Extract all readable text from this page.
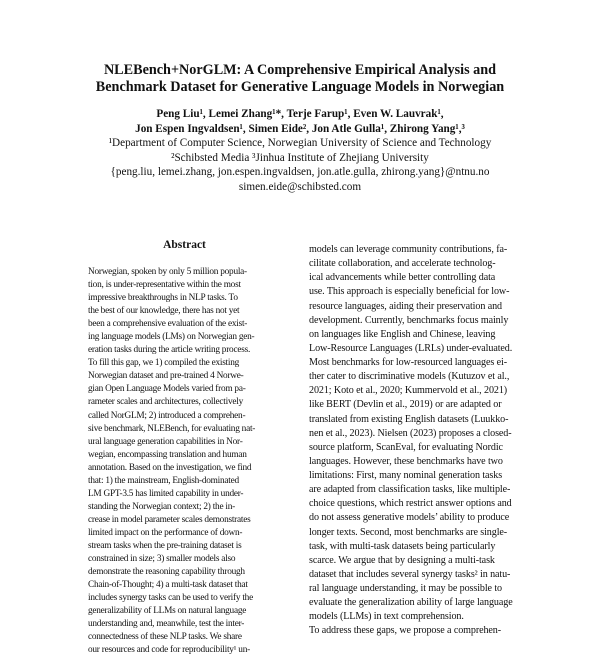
NLEBench+NorGLM: A Comprehensive Empirical Analysis and
Benchmark Dataset for Generative Language Models in Norwegian
Peng Liu¹, Lemei Zhang¹*, Terje Farup¹, Even W. Lauvrak¹,
Jon Espen Ingvaldsen¹, Simen Eide², Jon Atle Gulla¹, Zhirong Yang¹,³
¹Department of Computer Science, Norwegian University of Science and Technology
²Schibsted Media ³Jinhua Institute of Zhejiang University
{peng.liu, lemei.zhang, jon.espen.ingvaldsen, jon.atle.gulla, zhirong.yang}@ntnu.no
simen.eide@schibsted.com
Abstract
Norwegian, spoken by only 5 million popula-
tion, is under-representative within the most
impressive breakthroughs in NLP tasks. To
the best of our knowledge, there has not yet
been a comprehensive evaluation of the exist-
ing language models (LMs) on Norwegian gen-
eration tasks during the article writing process.
To fill this gap, we 1) compiled the existing
Norwegian dataset and pre-trained 4 Norwe-
gian Open Language Models varied from pa-
rameter scales and architectures, collectively
called NorGLM; 2) introduced a comprehen-
sive benchmark, NLEBench, for evaluating nat-
ural language generation capabilities in Nor-
wegian, encompassing translation and human
annotation. Based on the investigation, we find
that: 1) the mainstream, English-dominated
LM GPT-3.5 has limited capability in under-
standing the Norwegian context; 2) the in-
crease in model parameter scales demonstrates
limited impact on the performance of down-
stream tasks when the pre-training dataset is
constrained in size; 3) smaller models also
demonstrate the reasoning capability through
Chain-of-Thought; 4) a multi-task dataset that
includes synergy tasks can be used to verify the
generalizability of LLMs on natural language
understanding and, meanwhile, test the inter-
connectedness of these NLP tasks. We share
our resources and code for reproducibility¹ un-
models can leverage community contributions, fa-
cilitate collaboration, and accelerate technolog-
ical advancements while better controlling data
use. This approach is especially beneficial for low-
resource languages, aiding their preservation and
development. Currently, benchmarks focus mainly
on languages like English and Chinese, leaving
Low-Resource Languages (LRLs) under-evaluated.
Most benchmarks for low-resourced languages ei-
ther cater to discriminative models (Kutuzov et al.,
2021; Koto et al., 2020; Kummervold et al., 2021)
like BERT (Devlin et al., 2019) or are adapted or
translated from existing English datasets (Luukko-
nen et al., 2023). Nielsen (2023) proposes a closed-
source platform, ScanEval, for evaluating Nordic
languages. However, these benchmarks have two
limitations: First, many nominal generation tasks
are adapted from classification tasks, like multiple-
choice questions, which restrict answer options and
do not assess generative models’ ability to produce
longer texts. Second, most benchmarks are single-
task, with multi-task datasets being particularly
scarce. We argue that by designing a multi-task
dataset that includes several synergy tasks² in natu-
ral language understanding, it may be possible to
evaluate the generalization ability of large language
models (LLMs) in text comprehension.
To address these gaps, we propose a comprehen-
